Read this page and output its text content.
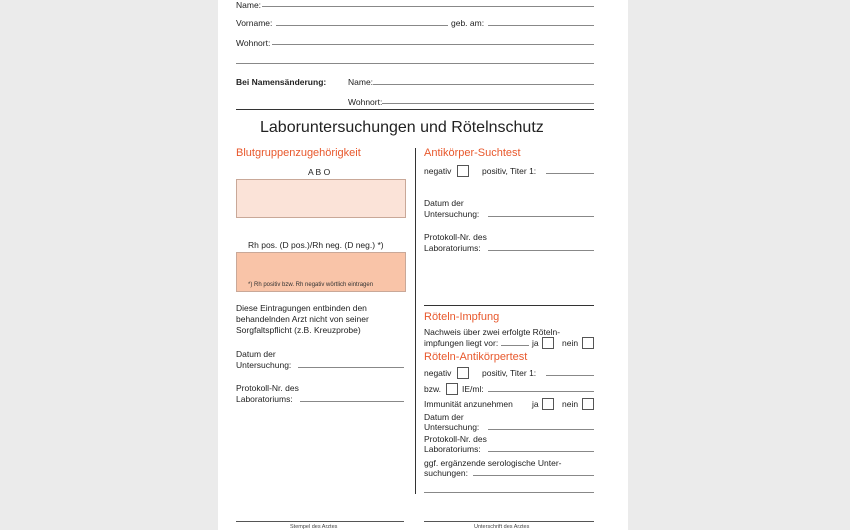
Name:
Vorname:	geb. am:
Wohnort:
Bei Namensänderung:	Name:
Wohnort:
Laboruntersuchungen und Rötelnschutz
Blutgruppenzugehörigkeit
A B O
Rh pos. (D pos.)/Rh neg. (D neg.) *)
*) Rh positiv bzw. Rh negativ wörtlich eintragen
Diese Eintragungen entbinden den
behandelnden Arzt nicht von seiner
Sorgfaltspflicht (z.B. Kreuzprobe)
Datum der
Untersuchung:
Protokoll-Nr. des
Laboratoriums:
Antikörper-Suchtest
negativ	positiv, Titer 1:
Datum der
Untersuchung:
Protokoll-Nr. des
Laboratoriums:
Röteln-Impfung
Nachweis über zwei erfolgte Röteln-
impfungen liegt vor:	ja	nein
Röteln-Antikörpertest
negativ	positiv, Titer 1:
bzw. IE/ml:
Immunität anzunehmen ja	nein
Datum der
Untersuchung:
Protokoll-Nr. des
Laboratoriums:
ggf. ergänzende serologische Unter-
suchungen:
Stempel des Arztes	Unterschrift des Arztes
